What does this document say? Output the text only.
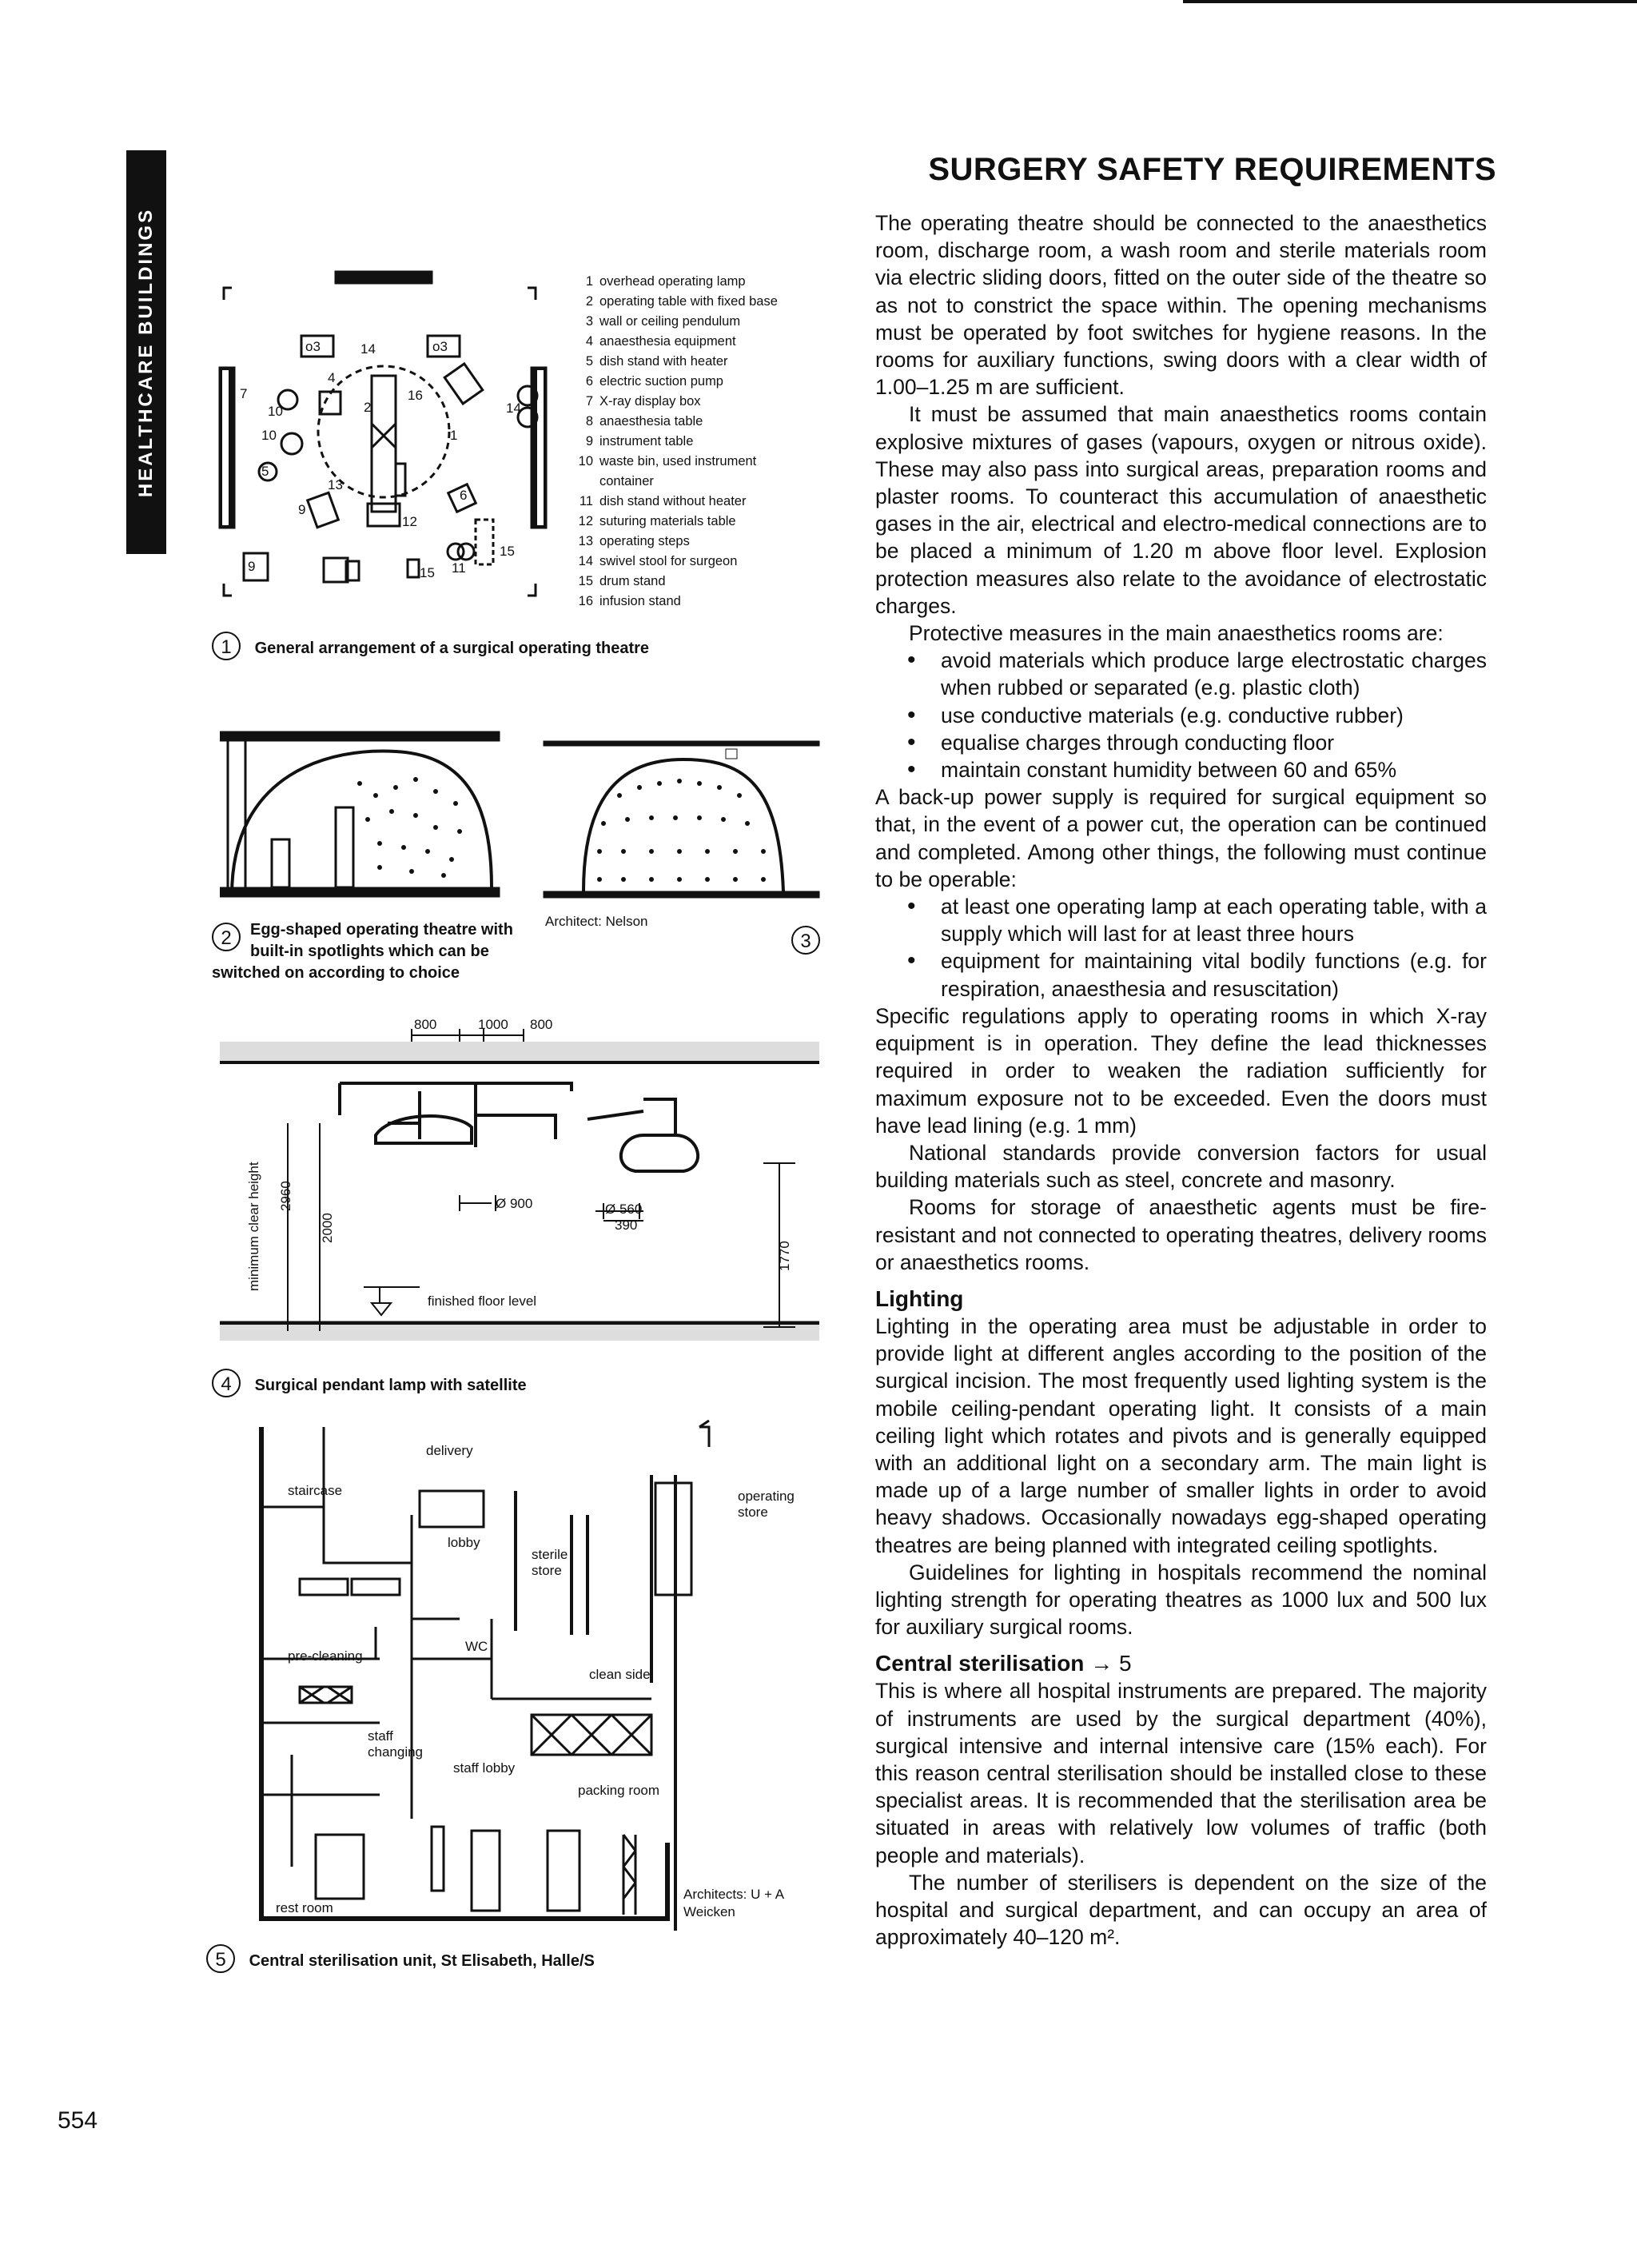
HEALTHCARE BUILDINGS
554
SURGERY SAFETY REQUIREMENTS

The operating theatre should be connected to the anaesthetics room, discharge room, a wash room and sterile materials room via electric sliding doors, fitted on the outer side of the theatre so as not to constrict the space within. The opening mechanisms must be operated by foot switches for hygiene reasons. In the rooms for auxiliary functions, swing doors with a clear width of 1.00–1.25 m are sufficient.

It must be assumed that main anaesthetics rooms contain explosive mixtures of gases (vapours, oxygen or nitrous oxide). These may also pass into surgical areas, preparation rooms and plaster rooms. To counteract this accumulation of anaesthetic gases in the air, electrical and electro-medical connections are to be placed a minimum of 1.20 m above floor level. Explosion protection measures also relate to the avoidance of electrostatic charges.

Protective measures in the main anaesthetics rooms are:

• avoid materials which produce large electrostatic charges when rubbed or separated (e.g. plastic cloth)
• use conductive materials (e.g. conductive rubber)
• equalise charges through conducting floor
• maintain constant humidity between 60 and 65%

A back-up power supply is required for surgical equipment so that, in the event of a power cut, the operation can be continued and completed. Among other things, the following must continue to be operable:

• at least one operating lamp at each operating table, with a supply which will last for at least three hours
• equipment for maintaining vital bodily functions (e.g. for respiration, anaesthesia and resuscitation)

Specific regulations apply to operating rooms in which X-ray equipment is in operation. They define the lead thicknesses required in order to weaken the radiation sufficiently for maximum exposure not to be exceeded. Even the doors must have lead lining (e.g. 1 mm)

National standards provide conversion factors for usual building materials such as steel, concrete and masonry.

Rooms for storage of anaesthetic agents must be fire-resistant and not connected to operating theatres, delivery rooms or anaesthetics rooms.

Lighting

Lighting in the operating area must be adjustable in order to provide light at different angles according to the position of the surgical incision. The most frequently used lighting system is the mobile ceiling-pendant operating light. It consists of a main ceiling light which rotates and pivots and is generally equipped with an additional light on a secondary arm. The main light is made up of a large number of smaller lights in order to avoid heavy shadows. Occasionally nowadays egg-shaped operating theatres are being planned with integrated ceiling spotlights.

Guidelines for lighting in hospitals recommend the nominal lighting strength for operating theatres as 1000 lux and 500 lux for auxiliary surgical rooms.

Central sterilisation → 5

This is where all hospital instruments are prepared. The majority of instruments are used by the surgical department (40%), surgical intensive and internal intensive care (15% each). For this reason central sterilisation should be installed close to these specialist areas. It is recommended that the sterilisation area be situated in areas with relatively low volumes of traffic (both people and materials).

The number of sterilisers is dependent on the size of the hospital and surgical department, and can occupy an area of approximately 40–120 m².

o3	o3
14
4
7
10
10
2
16
14
1
5
13
6
9
12
9	15 11
15
1 overhead operating lamp
2 operating table with fixed base
3 wall or ceiling pendulum
4 anaesthesia equipment
5 dish stand with heater
6 electric suction pump
7 X-ray display box
8 anaesthesia table
9 instrument table
10 waste bin, used instrument
container
11 dish stand without heater
12 suturing materials table
13 operating steps
14 swivel stool for surgeon
15 drum stand
16 infusion stand
1 General arrangement of a surgical operating theatre
2	Egg-shaped operating theatre with built-in spotlights which can be switched on according to choice
Architect: Nelson
3
800	1000 800
Ø 900	Ø 560
390
finished floor level
minimum clear height 2960
2000
1770
4 Surgical pendant lamp with satellite
staircase
delivery
lobby
sterile
store
operating
store
pre-cleaning
WC
clean side
staff
changing
staff lobby
packing room
rest room
Architects: U + A
Weicken
5 Central sterilisation unit, St Elisabeth, Halle/S
